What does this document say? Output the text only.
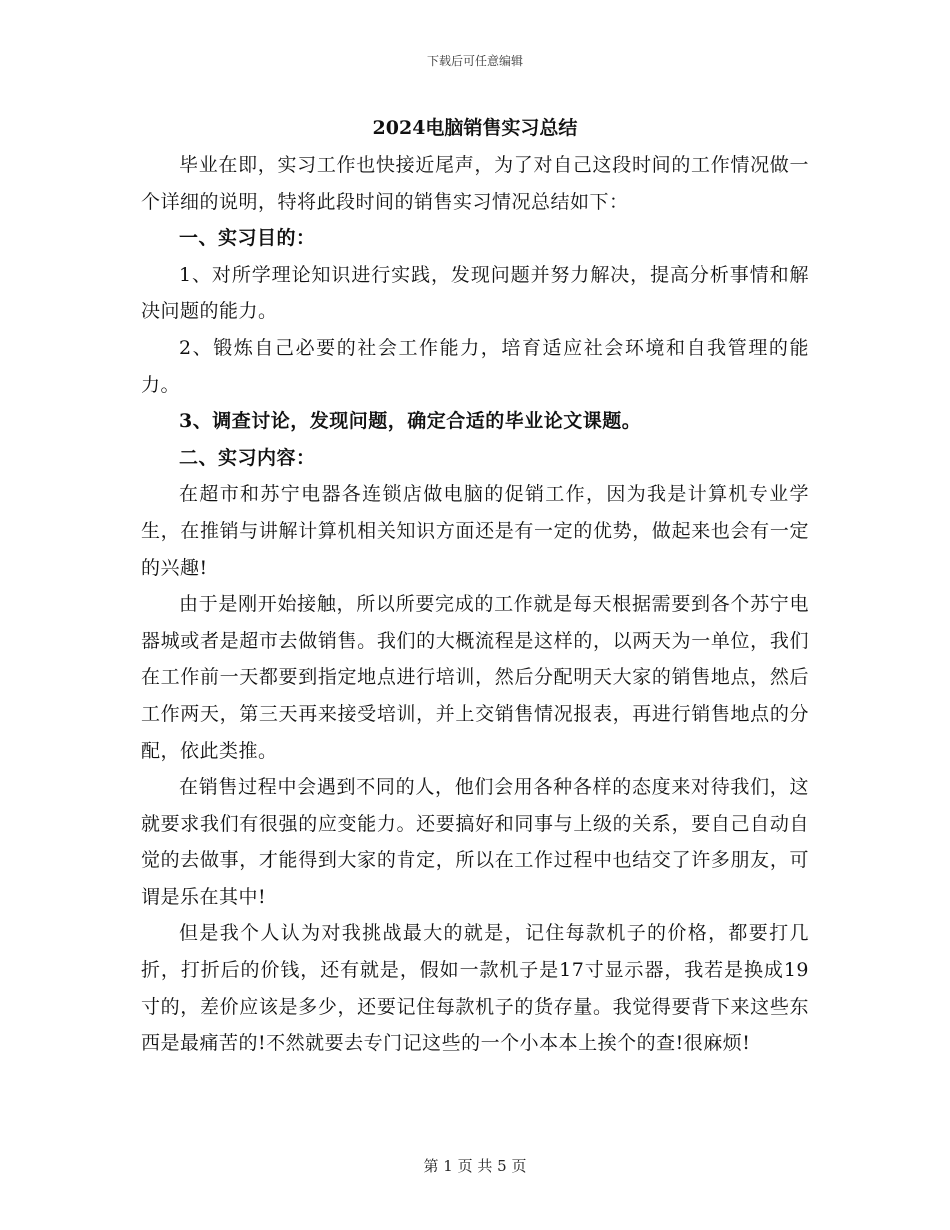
下载后可任意编辑
2024电脑销售实习总结

毕业在即，实习工作也快接近尾声，为了对自己这段时间的工作情况做一个详细的说明，特将此段时间的销售实习情况总结如下：

一、实习目的：

1、对所学理论知识进行实践，发现问题并努力解决，提高分析事情和解决问题的能力。

2、锻炼自己必要的社会工作能力，培育适应社会环境和自我管理的能力。

3、调查讨论，发现问题，确定合适的毕业论文课题。

二、实习内容：

在超市和苏宁电器各连锁店做电脑的促销工作，因为我是计算机专业学生，在推销与讲解计算机相关知识方面还是有一定的优势，做起来也会有一定的兴趣!

由于是刚开始接触，所以所要完成的工作就是每天根据需要到各个苏宁电器城或者是超市去做销售。我们的大概流程是这样的，以两天为一单位，我们在工作前一天都要到指定地点进行培训，然后分配明天大家的销售地点，然后工作两天，第三天再来接受培训，并上交销售情况报表，再进行销售地点的分配，依此类推。

在销售过程中会遇到不同的人，他们会用各种各样的态度来对待我们，这就要求我们有很强的应变能力。还要搞好和同事与上级的关系，要自己自动自觉的去做事，才能得到大家的肯定，所以在工作过程中也结交了许多朋友，可谓是乐在其中!

但是我个人认为对我挑战最大的就是，记住每款机子的价格，都要打几折，打折后的价钱，还有就是，假如一款机子是17寸显示器，我若是换成19寸的，差价应该是多少，还要记住每款机子的货存量。我觉得要背下来这些东西是最痛苦的!不然就要去专门记这些的一个小本本上挨个的查!很麻烦!

第 1 页 共 5 页
